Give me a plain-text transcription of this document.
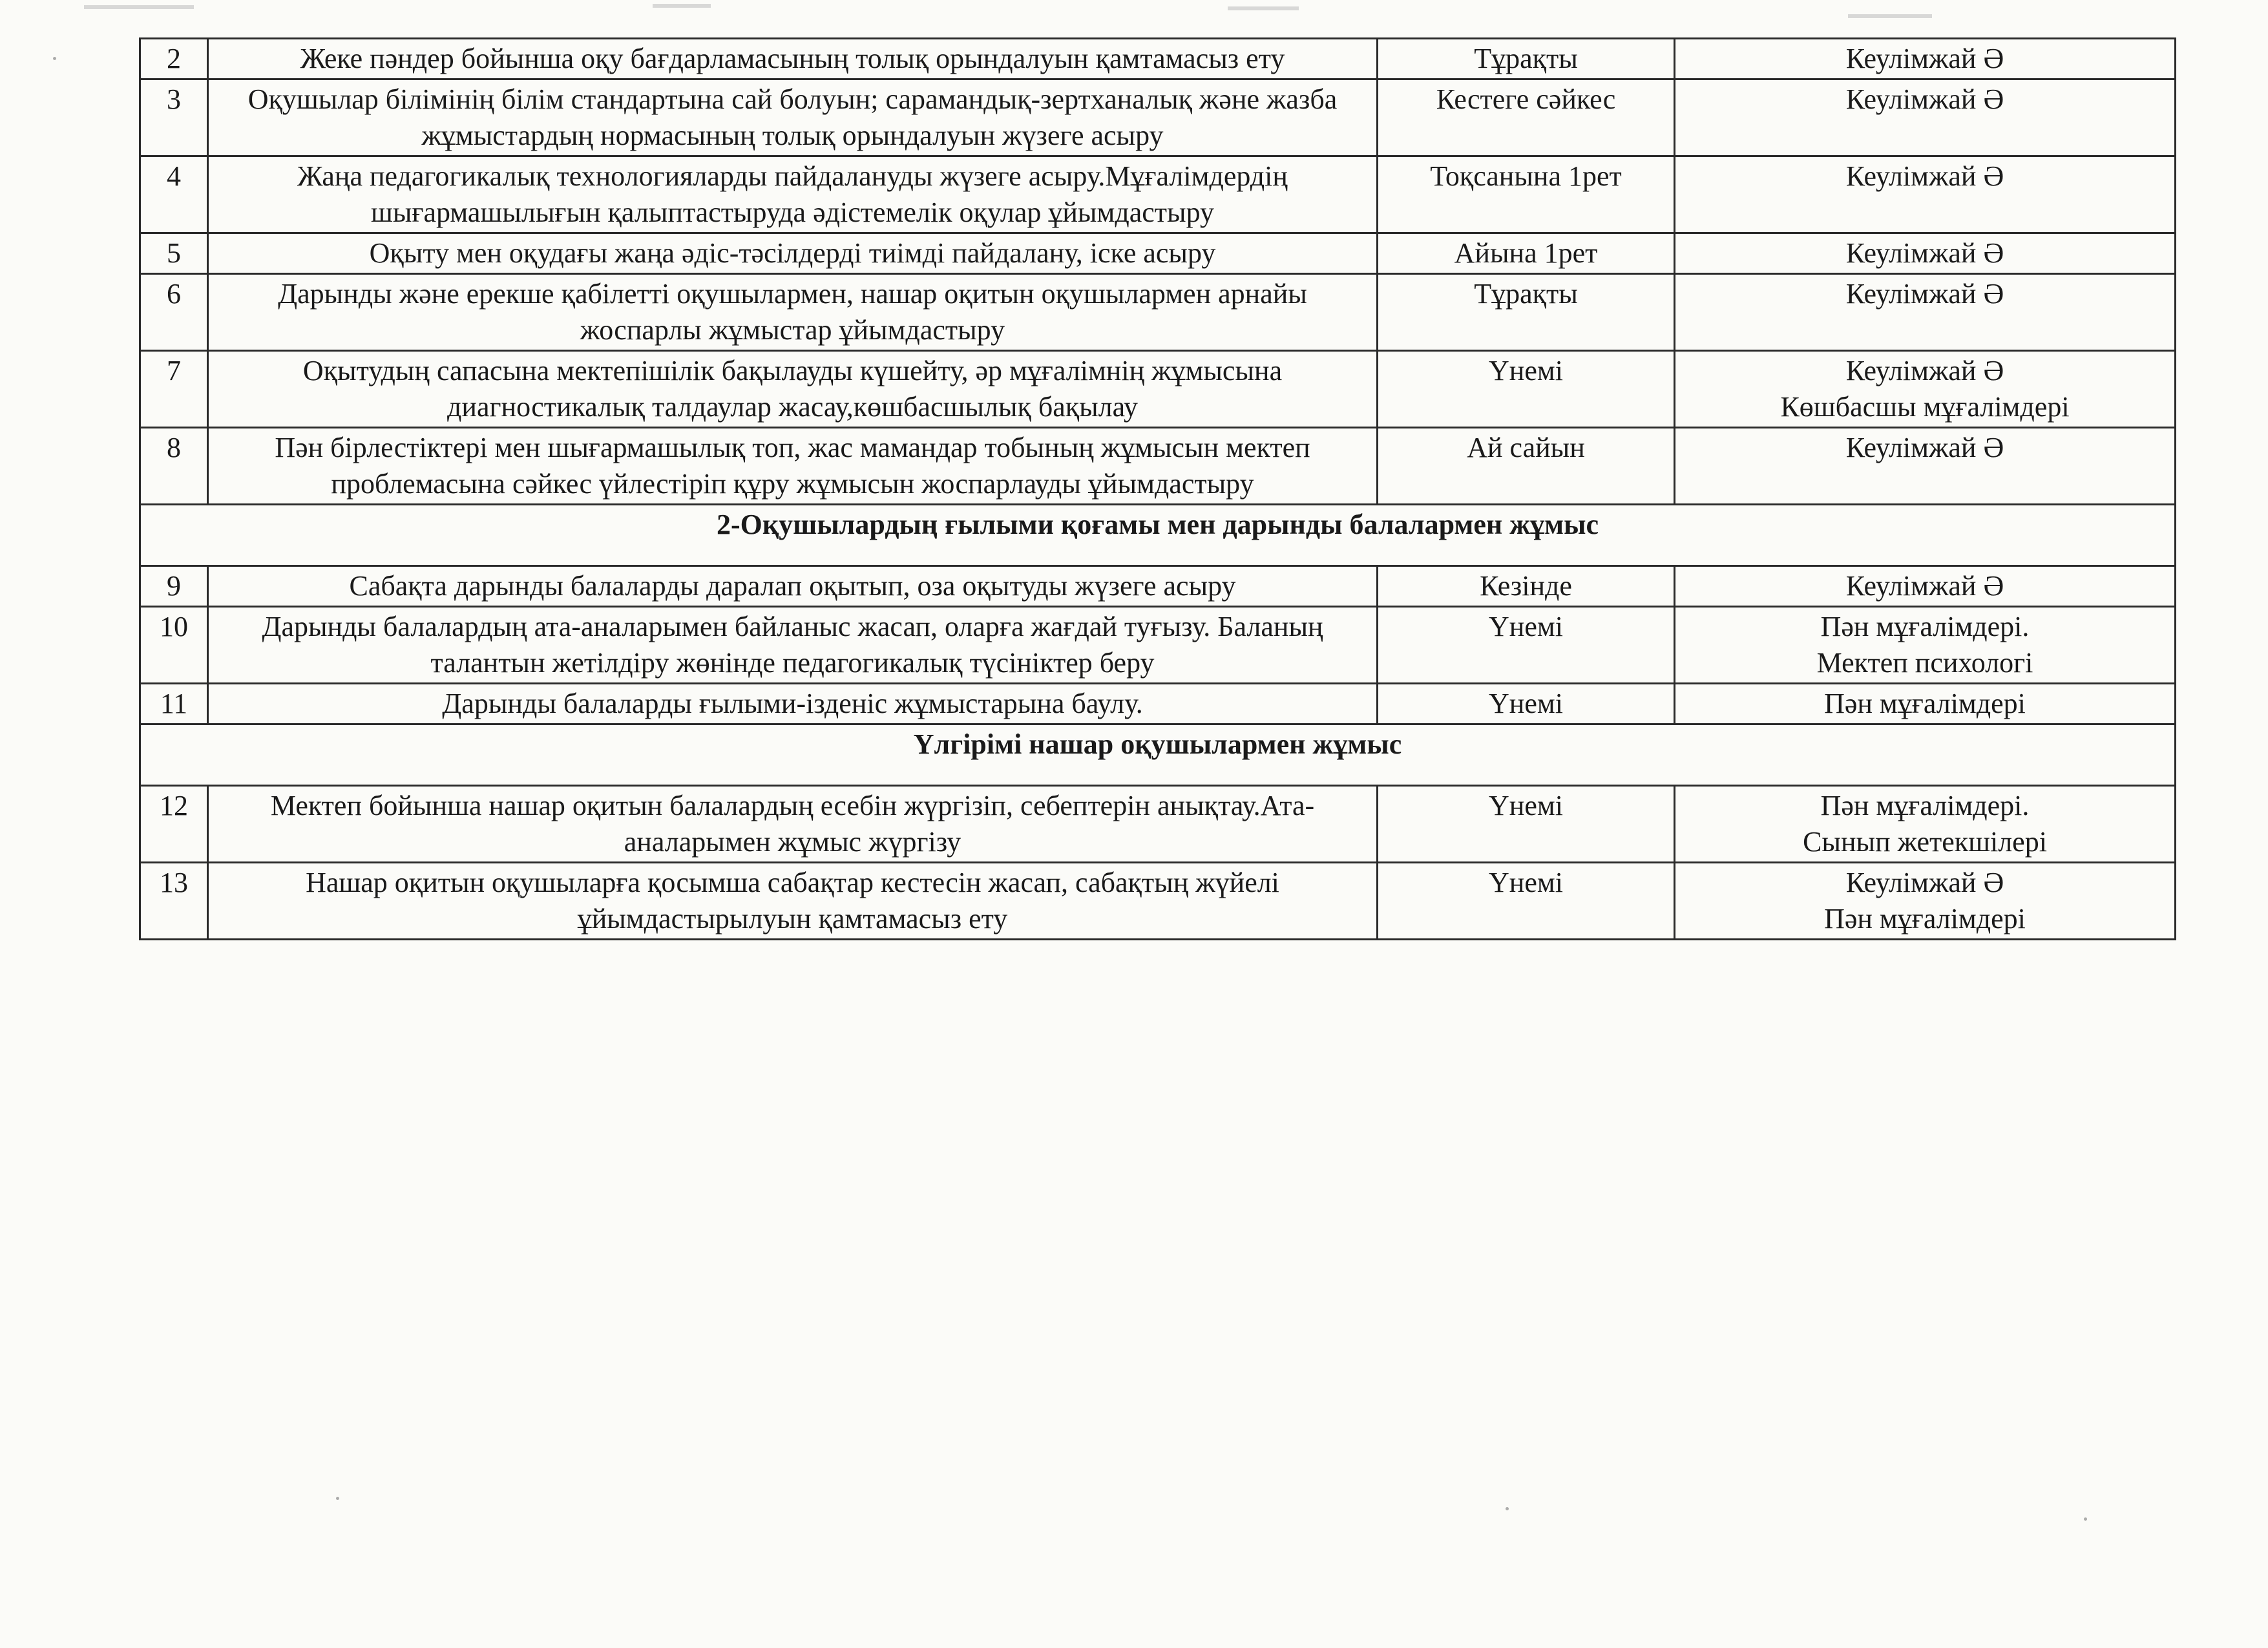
2	Жеке пәндер бойынша оқу бағдарламасының толық орындалуын қамтамасыз ету	Тұрақты	Кеулімжай Ә

3	Оқушылар білімінің білім стандартына сай болуын; сарамандық-зертханалық және жазба жұмыстардың нормасының толық орындалуын жүзеге асыру	Кестеге сәйкес	Кеулімжай Ә

4	Жаңа педагогикалық технологияларды пайдалануды жүзеге асыру.Мұғалімдердің шығармашылығын қалыптастыруда әдістемелік оқулар ұйымдастыру	Тоқсанына 1рет	Кеулімжай Ә

5	Оқыту мен оқудағы жаңа әдіс-тәсілдерді тиімді пайдалану, іске асыру	Айына 1рет	Кеулімжай Ә

6	Дарынды және ерекше қабілетті оқушылармен, нашар оқитын оқушылармен арнайы жоспарлы жұмыстар ұйымдастыру	Тұрақты	Кеулімжай Ә

7	Оқытудың сапасына мектепішілік бақылауды күшейту, әр мұғалімнің жұмысына диагностикалық талдаулар жасау,көшбасшылық бақылау	Үнемі	Кеулімжай Ә
Көшбасшы мұғалімдері

8	Пән бірлестіктері мен шығармашылық топ, жас мамандар тобының жұмысын мектеп проблемасына сәйкес үйлестіріп құру жұмысын жоспарлауды ұйымдастыру	Ай сайын	Кеулімжай Ә

2-Оқушылардың ғылыми қоғамы мен дарынды балалармен жұмыс			
9	Сабақта дарынды балаларды даралап оқытып, оза оқытуды жүзеге асыру	Кезінде	Кеулімжай Ә

10	Дарынды балалардың ата-аналарымен байланыс жасап, оларға жағдай туғызу. Баланың талантын жетілдіру жөнінде педагогикалық түсініктер беру	Үнемі	Пән мұғалімдері.
Мектеп психологі

11	Дарынды балаларды ғылыми-ізденіс жұмыстарына баулу.	Үнемі	Пән мұғалімдері

Үлгірімі нашар оқушылармен жұмыс			
12	Мектеп бойынша нашар оқитын балалардың есебін жүргізіп, себептерін анықтау.Ата-аналарымен жұмыс жүргізу	Үнемі	Пән мұғалімдері.
Сынып жетекшілері

13	Нашар оқитын оқушыларға қосымша сабақтар кестесін жасап, сабақтың жүйелі ұйымдастырылуын қамтамасыз ету	Үнемі	Кеулімжай Ә
Пән мұғалімдері
